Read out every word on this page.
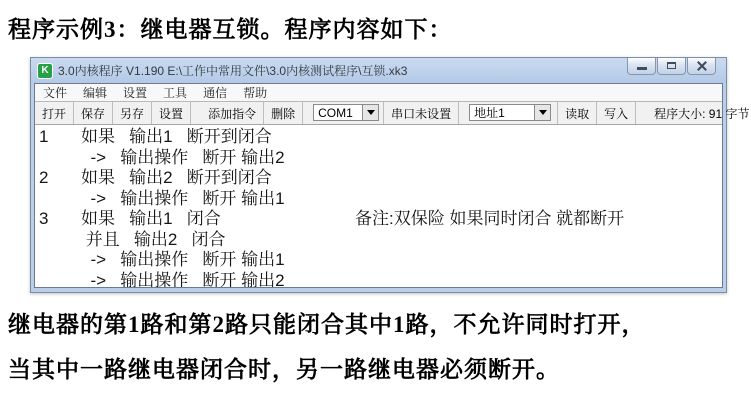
程序示例3：继电器互锁。程序内容如下：
K 3.0内核程序 V1.190 E:\工作中常用文件\3.0内核测试程序\互锁.xk3
文件	编辑	设置	工具	通信	帮助
打开	保存	另存	设置	添加指令	删除	COM1	串口未设置	地址1	读取	写入	程序大小: 91 字节
1	如果   输出1   断开到闭合
->   输出操作   断开 输出2
2	如果   输出2   断开到闭合
->   输出操作   断开 输出1
3	如果   输出1   闭合	备注:双保险 如果同时闭合 就都断开
并且   输出2   闭合
->   输出操作   断开 输出1
->   输出操作   断开 输出2
继电器的第1路和第2路只能闭合其中1路，不允许同时打开，
当其中一路继电器闭合时，另一路继电器必须断开。
